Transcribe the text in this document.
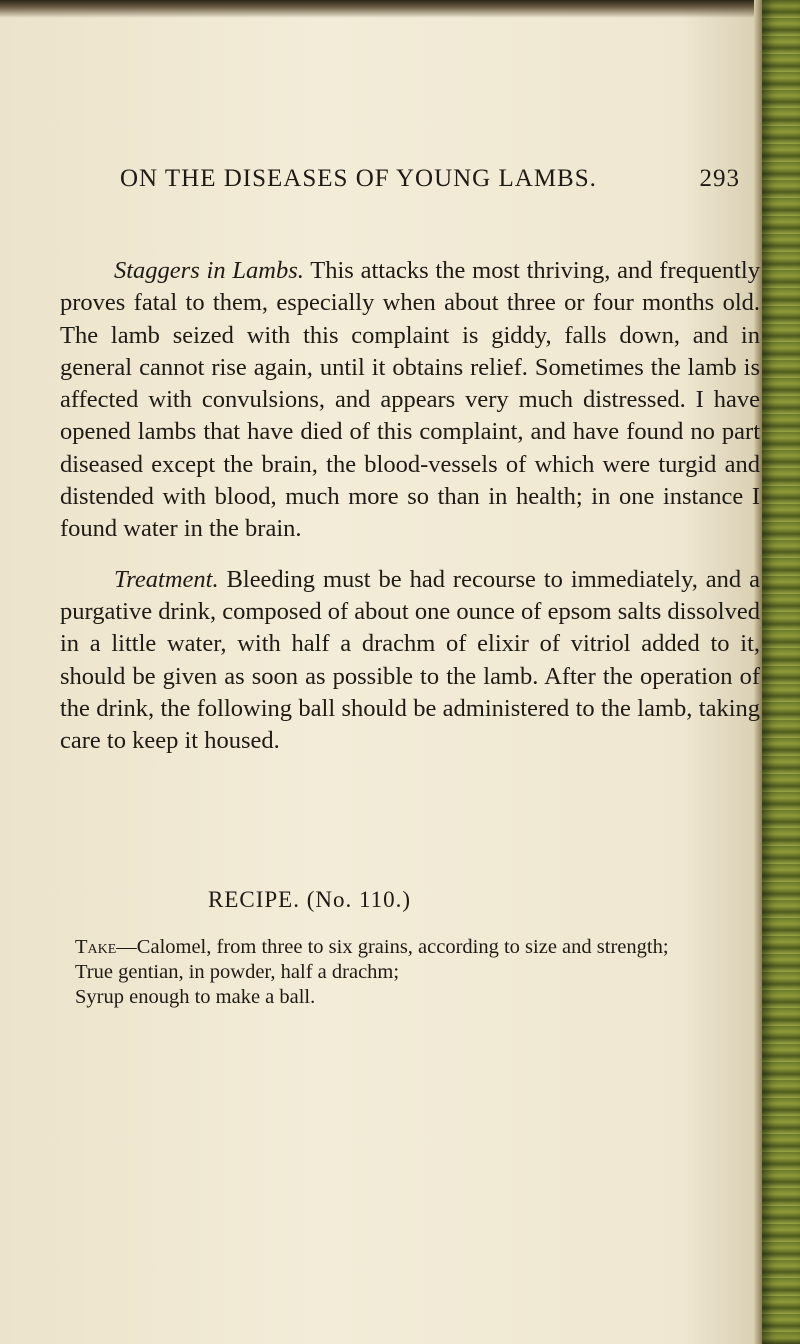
ON THE DISEASES OF YOUNG LAMBS.	293

Staggers in Lambs. This attacks the most thriving, and frequently proves fatal to them, especially when about three or four months old. The lamb seized with this complaint is giddy, falls down, and in general cannot rise again, until it obtains relief. Sometimes the lamb is affected with convulsions, and appears very much distressed. I have opened lambs that have died of this complaint, and have found no part diseased except the brain, the blood-vessels of which were turgid and distended with blood, much more so than in health; in one instance I found water in the brain.

Treatment. Bleeding must be had recourse to immediately, and a purgative drink, composed of about one ounce of epsom salts dissolved in a little water, with half a drachm of elixir of vitriol added to it, should be given as soon as possible to the lamb. After the operation of the drink, the following ball should be administered to the lamb, taking care to keep it housed.

RECIPE. (No. 110.)

Take—Calomel, from three to six grains, according to size and strength;

True gentian, in powder, half a drachm;

Syrup enough to make a ball.
